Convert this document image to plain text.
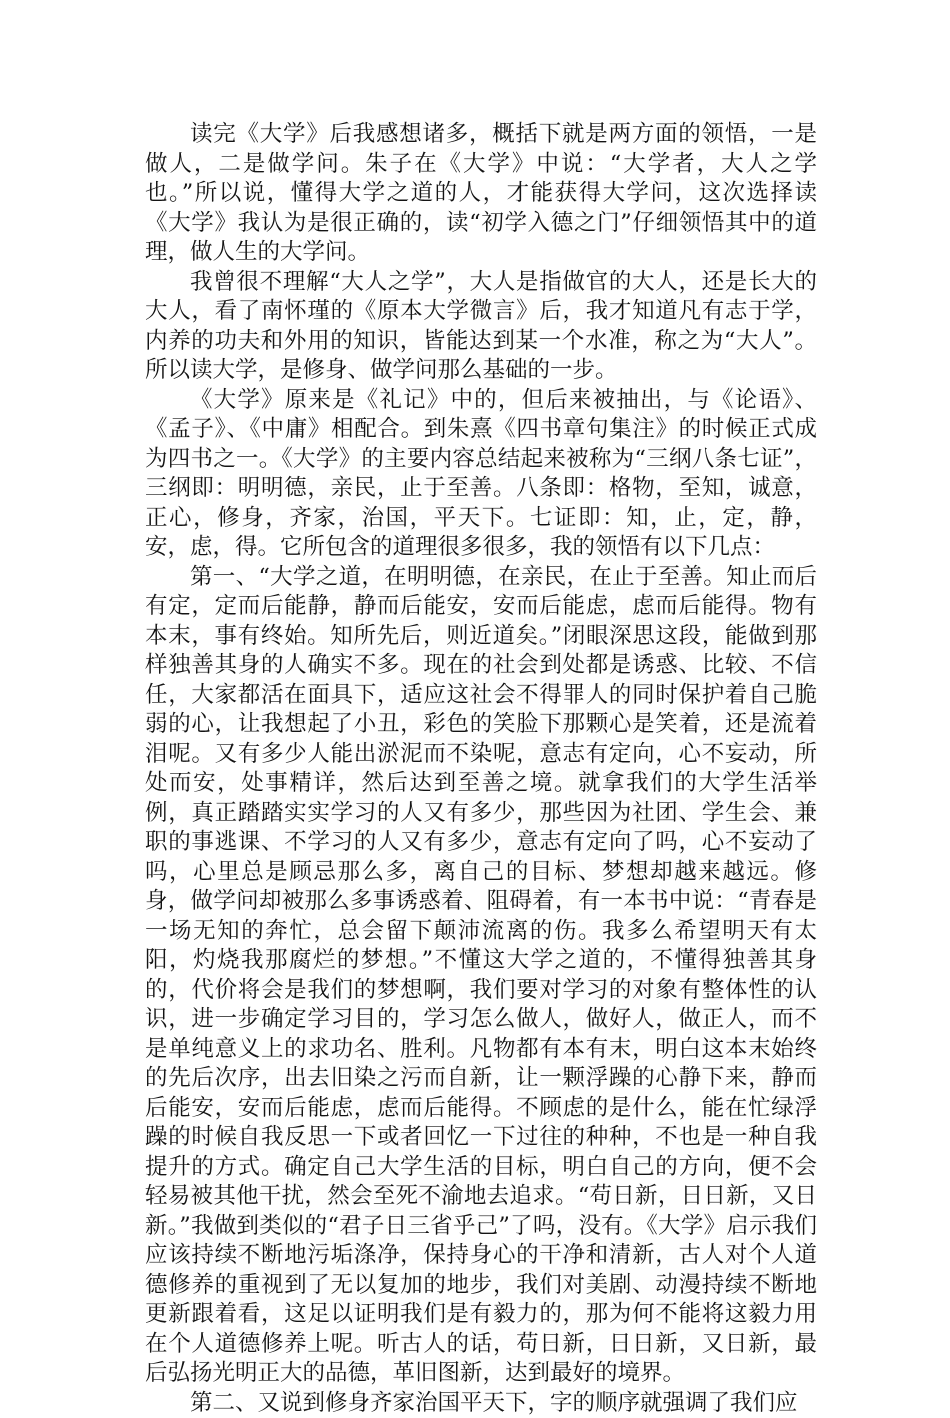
读完《大学》后我感想诸多，概括下就是两方面的领悟，一是做人，二是做学问。朱子在《大学》中说：“大学者，大人之学也。”所以说，懂得大学之道的人，才能获得大学问，这次选择读《大学》我认为是很正确的，读“初学入德之门”仔细领悟其中的道理，做人生的大学问。

我曾很不理解“大人之学”，大人是指做官的大人，还是长大的大人，看了南怀瑾的《原本大学微言》后，我才知道凡有志于学，内养的功夫和外用的知识，皆能达到某一个水准，称之为“大人”。所以读大学，是修身、做学问那么基础的一步。

《大学》原来是《礼记》中的，但后来被抽出，与《论语》、《孟子》、《中庸》相配合。到朱熹《四书章句集注》的时候正式成为四书之一。《大学》的主要内容总结起来被称为“三纲八条七证”，三纲即：明明德，亲民，止于至善。八条即：格物，至知，诚意，正心，修身，齐家，治国，平天下。七证即：知，止，定，静，安，虑，得。它所包含的道理很多很多，我的领悟有以下几点：

第一、“大学之道，在明明德，在亲民，在止于至善。知止而后有定，定而后能静，静而后能安，安而后能虑，虑而后能得。物有本末，事有终始。知所先后，则近道矣。”闭眼深思这段，能做到那样独善其身的人确实不多。现在的社会到处都是诱惑、比较、不信任，大家都活在面具下，适应这社会不得罪人的同时保护着自己脆弱的心，让我想起了小丑，彩色的笑脸下那颗心是笑着，还是流着泪呢。又有多少人能出淤泥而不染呢，意志有定向，心不妄动，所处而安，处事精详，然后达到至善之境。就拿我们的大学生活举例，真正踏踏实实学习的人又有多少，那些因为社团、学生会、兼职的事逃课、不学习的人又有多少，意志有定向了吗，心不妄动了吗，心里总是顾忌那么多，离自己的目标、梦想却越来越远。修身，做学问却被那么多事诱惑着、阻碍着，有一本书中说：“青春是一场无知的奔忙，总会留下颠沛流离的伤。我多么希望明天有太阳，灼烧我那腐烂的梦想。”不懂这大学之道的，不懂得独善其身的，代价将会是我们的梦想啊，我们要对学习的对象有整体性的认识，进一步确定学习目的，学习怎么做人，做好人，做正人，而不是单纯意义上的求功名、胜利。凡物都有本有末，明白这本末始终的先后次序，出去旧染之污而自新，让一颗浮躁的心静下来，静而后能安，安而后能虑，虑而后能得。不顾虑的是什么，能在忙绿浮躁的时候自我反思一下或者回忆一下过往的种种，不也是一种自我提升的方式。确定自己大学生活的目标，明白自己的方向，便不会轻易被其他干扰，然会至死不渝地去追求。“苟日新，日日新，又日新。”我做到类似的“君子日三省乎己”了吗，没有。《大学》启示我们应该持续不断地污垢涤净，保持身心的干净和清新，古人对个人道德修养的重视到了无以复加的地步，我们对美剧、动漫持续不断地更新跟着看，这足以证明我们是有毅力的，那为何不能将这毅力用在个人道德修养上呢。听古人的话，苟日新，日日新，又日新，最后弘扬光明正大的品德，革旧图新，达到最好的境界。

第二、又说到修身齐家治国平天下，字的顺序就强调了我们应
